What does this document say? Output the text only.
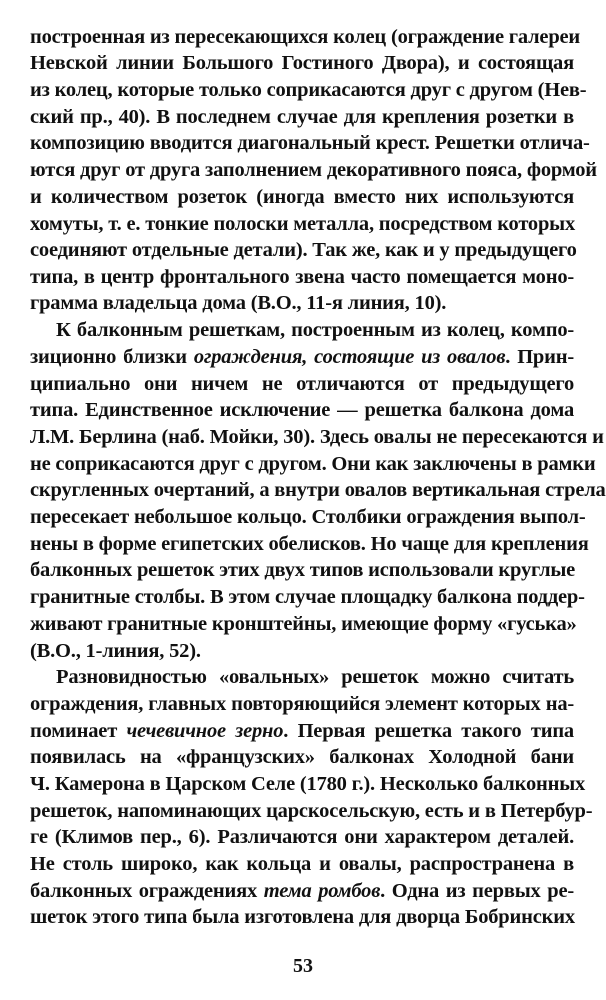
построенная из пересекающихся колец (ограждение галереи
Невской линии Большого Гостиного Двора), и состоящая
из колец, которые только соприкасаются друг с другом (Нев-
ский пр., 40). В последнем случае для крепления розетки в
композицию вводится диагональный крест. Решетки отлича-
ются друг от друга заполнением декоративного пояса, формой
и количеством розеток (иногда вместо них используются
хомуты, т. е. тонкие полоски металла, посредством которых
соединяют отдельные детали). Так же, как и у предыдущего
типа, в центр фронтального звена часто помещается моно-
грамма владельца дома (В.О., 11-я линия, 10).
К балконным решеткам, построенным из колец, компо-
зиционно близки ограждения, состоящие из овалов. Прин-
ципиально они ничем не отличаются от предыдущего
типа. Единственное исключение — решетка балкона дома
Л.М. Берлина (наб. Мойки, 30). Здесь овалы не пересекаются и
не соприкасаются друг с другом. Они как заключены в рамки
скругленных очертаний, а внутри овалов вертикальная стрела
пересекает небольшое кольцо. Столбики ограждения выпол-
нены в форме египетских обелисков. Но чаще для крепления
балконных решеток этих двух типов использовали круглые
гранитные столбы. В этом случае площадку балкона поддер-
живают гранитные кронштейны, имеющие форму «гуська»
(В.О., 1-линия, 52).
Разновидностью «овальных» решеток можно считать
ограждения, главных повторяющийся элемент которых на-
поминает чечевичное зерно. Первая решетка такого типа
появилась на «французских» балконах Холодной бани
Ч. Камерона в Царском Селе (1780 г.). Несколько балконных
решеток, напоминающих царскосельскую, есть и в Петербур-
ге (Климов пер., 6). Различаются они характером деталей.
Не столь широко, как кольца и овалы, распространена в
балконных ограждениях тема ромбов. Одна из первых ре-
шеток этого типа была изготовлена для дворца Бобринских
53
